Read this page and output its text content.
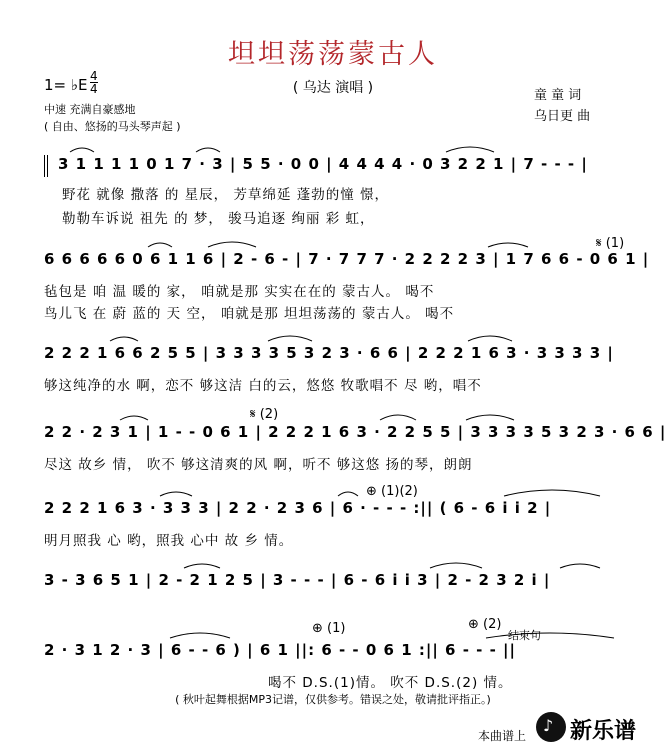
坦坦荡荡蒙古人
( 乌达 演唱 )
1= ♭E 4
4
中速 充满自豪感地
( 自由、悠扬的马头琴声起 )
童 童 词
乌日更 曲
3 1 1 1 1 0 1 7 · 3 | 5 5 · 0 0 | 4 4 4 4 · 0 3 2 2 1 | 7 - - - |
野花 就像 撒落 的 星辰， 芳草绵延 蓬勃的憧 憬，
勒勒车诉说 祖先 的 梦， 骏马追逐 绚丽 彩 虹，
6 6 6 6 6 0 6 1 1 6 | 2 - 6 - | 7 · 7 7 7 · 2 2 2 2 3 | 1 7 6 6 - 0 6 1 |
𝄋 (1)
毡包是 咱 温 暖的 家， 咱就是那 实实在在的 蒙古人。 喝不
鸟儿飞 在 蔚 蓝的 天 空， 咱就是那 坦坦荡荡的 蒙古人。 喝不
2 2 2 1 6 6 2 5 5 | 3 3 3 3 5 3 2 3 · 6 6 | 2 2 2 1 6 3 · 3 3 3 3 |
够这纯净的水 啊，恋不 够这洁 白的云，悠悠 牧歌唱不 尽 哟，唱不
𝄋 (2)
2 2 · 2 3 1 | 1 - - 0 6 1 | 2 2 2 1 6 3 · 2 2 5 5 | 3 3 3 3 5 3 2 3 · 6 6 |
尽这 故乡 情， 吹不 够这清爽的风 啊，听不 够这悠 扬的琴，朗朗
⊕ (1)(2)
2 2 2 1 6 3 · 3 3 3 | 2 2 · 2 3 6 | 6 · - - - :|| ( 6 - 6 i i 2 |
明月照我 心 哟，照我 心中 故 乡 情。
3 - 3 6 5 1 | 2 - 2 1 2 5 | 3 - - - | 6 - 6 i i 3 | 2 - 2 3 2 i |
⊕ (1)	⊕ (2)
结束句
2 · 3 1 2 · 3 | 6 - - 6 ) | 6 1 ||: 6 - - 0 6 1 :|| 6 - - - ||
喝不 D.S.(1)情。 吹不 D.S.(2) 情。
( 秋叶起舞根据MP3记谱，仅供参考。错误之处，敬请批评指正。)
本曲谱上
♪ 新乐谱
